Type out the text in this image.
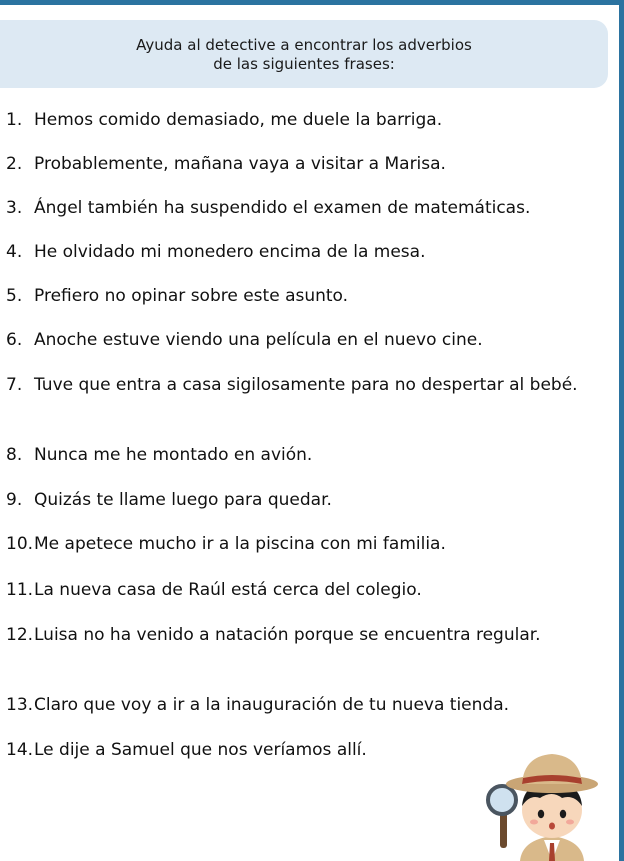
Ayuda al detective a encontrar los adverbios
de las siguientes frases:
1. Hemos comido demasiado, me duele la barriga.
2. Probablemente, mañana vaya a visitar a Marisa.
3. Ángel también ha suspendido el examen de matemáticas.
4. He olvidado mi monedero encima de la mesa.
5. Prefiero no opinar sobre este asunto.
6. Anoche estuve viendo una película en el nuevo cine.
7. Tuve que entra a casa sigilosamente para no despertar al bebé.
8. Nunca me he montado en avión.
9. Quizás te llame luego para quedar.
10. Me apetece mucho ir a la piscina con mi familia.
11. La nueva casa de Raúl está cerca del colegio.
12. Luisa no ha venido a natación porque se encuentra regular.
13. Claro que voy a ir a la inauguración de tu nueva tienda.
14. Le dije a Samuel que nos veríamos allí.
